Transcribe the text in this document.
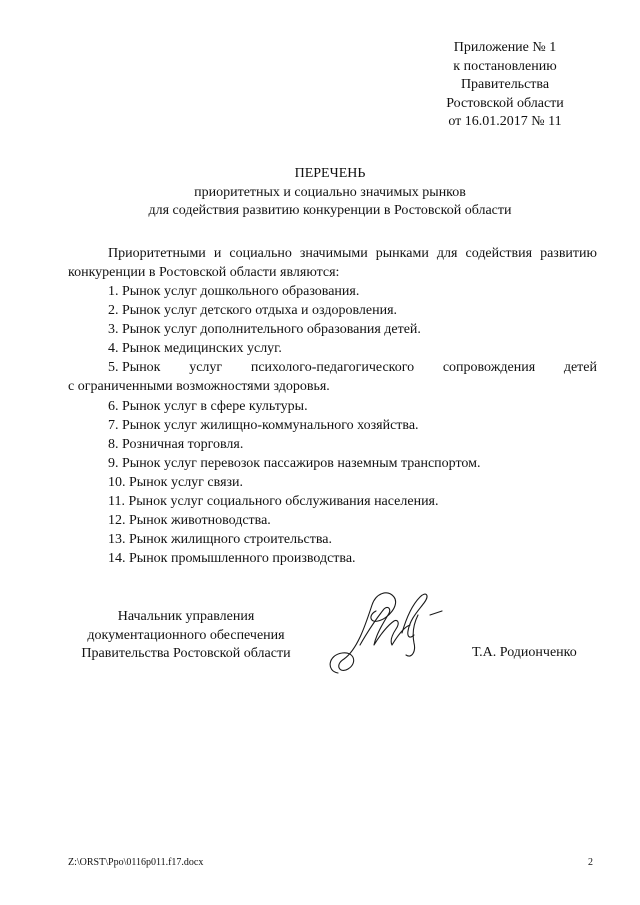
Приложение № 1
к постановлению
Правительства
Ростовской области
от 16.01.2017 № 11
ПЕРЕЧЕНЬ
приоритетных и социально значимых рынков
для содействия развитию конкуренции в Ростовской области
Приоритетными и социально значимыми рынками для содействия развитию конкуренции в Ростовской области являются:
1. Рынок услуг дошкольного образования.
2. Рынок услуг детского отдыха и оздоровления.
3. Рынок услуг дополнительного образования детей.
4. Рынок медицинских услуг.
5. Рынок услуг психолого-педагогического сопровождения детей
с ограниченными возможностями здоровья.
6. Рынок услуг в сфере культуры.
7. Рынок услуг жилищно-коммунального хозяйства.
8. Розничная торговля.
9. Рынок услуг перевозок пассажиров наземным транспортом.
10. Рынок услуг связи.
11. Рынок услуг социального обслуживания населения.
12. Рынок животноводства.
13. Рынок жилищного строительства.
14. Рынок промышленного производства.
Начальник управления
документационного обеспечения
Правительства Ростовской области	Т.А. Родионченко
Z:\ORST\Ppo\0116p011.f17.docx	2
